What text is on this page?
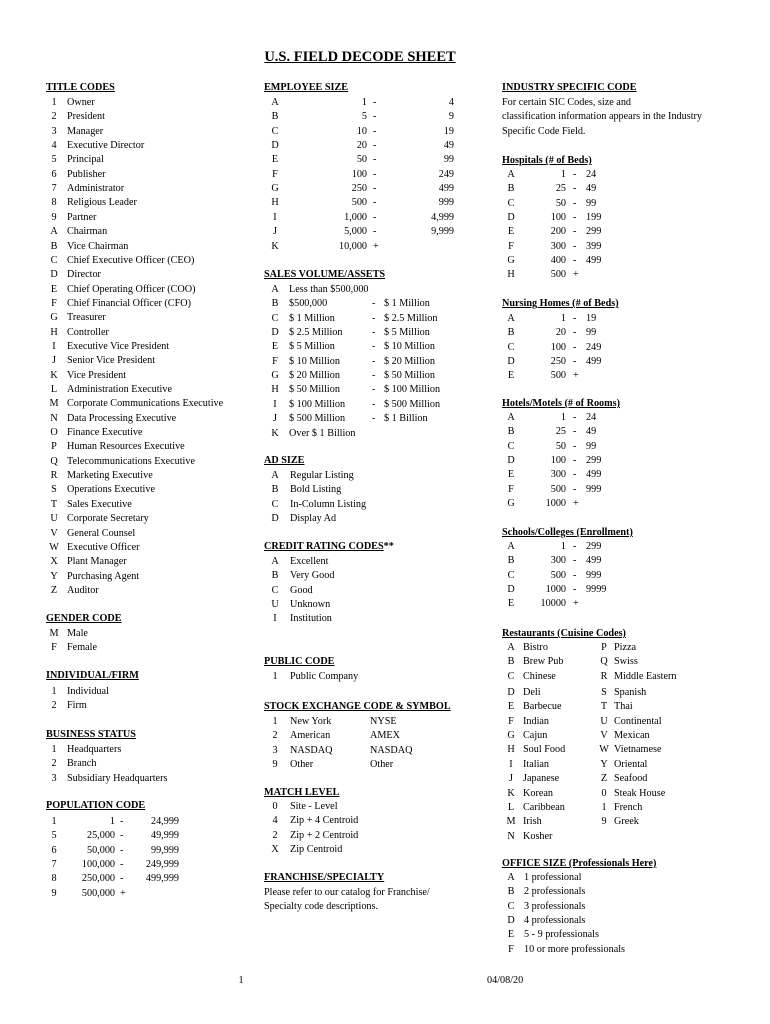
U.S. FIELD DECODE SHEET
TITLE CODES
1	Owner
2	President
3	Manager
4	Executive Director
5	Principal
6	Publisher
7	Administrator
8	Religious Leader
9	Partner
A Chairman
B Vice Chairman
C Chief Executive Officer (CEO)
D Director
E Chief Operating Officer (COO)
F Chief Financial Officer (CFO)
G Treasurer
H Controller
I	Executive Vice President
J	Senior Vice President
K Vice President
L Administration Executive
M Corporate Communications Executive
N Data Processing Executive
O Finance Executive
P Human Resources Executive
Q Telecommunications Executive
R Marketing Executive
S Operations Executive
T Sales Executive
U Corporate Secretary
V General Counsel
W Executive Officer
X Plant Manager
Y Purchasing Agent
Z Auditor
GENDER CODE
M Male
F Female
INDIVIDUAL/FIRM
1	Individual
2	Firm
BUSINESS STATUS
1	Headquarters
2	Branch
3	Subsidiary Headquarters
POPULATION CODE
1	1 -	24,999
5	25,000 -	49,999
6	50,000 -	99,999
7	100,000 - 249,999
8	250,000 - 499,999
9	500,000 +
EMPLOYEE SIZE
A	1 -	4
B	5 -	9
C	10 -	19
D	20 -	49
E	50 -	99
F	100 -	249
G	250 -	499
H	500 -	999
I	1,000 -	4,999
J	5,000 -	9,999
K	10,000 +
SALES VOLUME/ASSETS
A	Less than $500,000
B	$500,000	- $ 1 Million
C	$ 1 Million	- $ 2.5 Million
D	$ 2.5 Million	- $ 5 Million
E	$ 5 Million	- $ 10 Million
F	$ 10 Million	- $ 20 Million
G	$ 20 Million	- $ 50 Million
H	$ 50 Million	- $ 100 Million
I	$ 100 Million	- $ 500 Million
J	$ 500 Million	- $ 1 Billion
K	Over $ 1 Billion
AD SIZE
A	Regular Listing
B	Bold Listing
C	In-Column Listing
D	Display Ad
CREDIT RATING CODES**
A	Excellent
B	Very Good
C	Good
U	Unknown
I	Institution
PUBLIC CODE
1	Public Company
STOCK EXCHANGE CODE & SYMBOL
1	New York	NYSE
2	American	AMEX
3	NASDAQ	NASDAQ
9	Other	Other
MATCH LEVEL
0	Site - Level
4	Zip + 4 Centroid
2	Zip + 2 Centroid
X	Zip Centroid
FRANCHISE/SPECIALTY
Please refer to our catalog for Franchise/
Specialty code descriptions.
INDUSTRY SPECIFIC CODE
For certain SIC Codes, size and
classification information appears in the Industry
Specific Code Field.
Hospitals (# of Beds)
A	1 - 24
B	25 - 49
C	50 - 99
D	100 - 199
E	200 - 299
F	300 - 399
G	400 - 499
H	500 +
Nursing Homes (# of Beds)
A	1 - 19
B	20 - 99
C	100 - 249
D	250 - 499
E	500 +
Hotels/Motels (# of Rooms)
A	1 - 24
B	25 - 49
C	50 - 99
D	100 - 299
E	300 - 499
F	500 - 999
G	1000 +
Schools/Colleges (Enrollment)
A	1 - 299
B	300 - 499
C	500 - 999
D	1000 - 9999
E	10000 +
Restaurants (Cuisine Codes)
A Bistro
B Brew Pub
C Chinese
D Deli
E Barbecue
F Indian
G Cajun
H Soul Food
I	Italian
J Japanese
K Korean
L Caribbean
M Irish
N Kosher
P Pizza
Q Swiss
R Middle Eastern
S Spanish
T Thai
U Continental
V Mexican
W Vietnamese
Y Oriental
Z Seafood
0 Steak House
1 French
9 Greek
OFFICE SIZE (Professionals Here)
A 1 professional
B 2 professionals
C 3 professionals
D 4 professionals
E 5 - 9 professionals
F 10 or more professionals
1	04/08/20
